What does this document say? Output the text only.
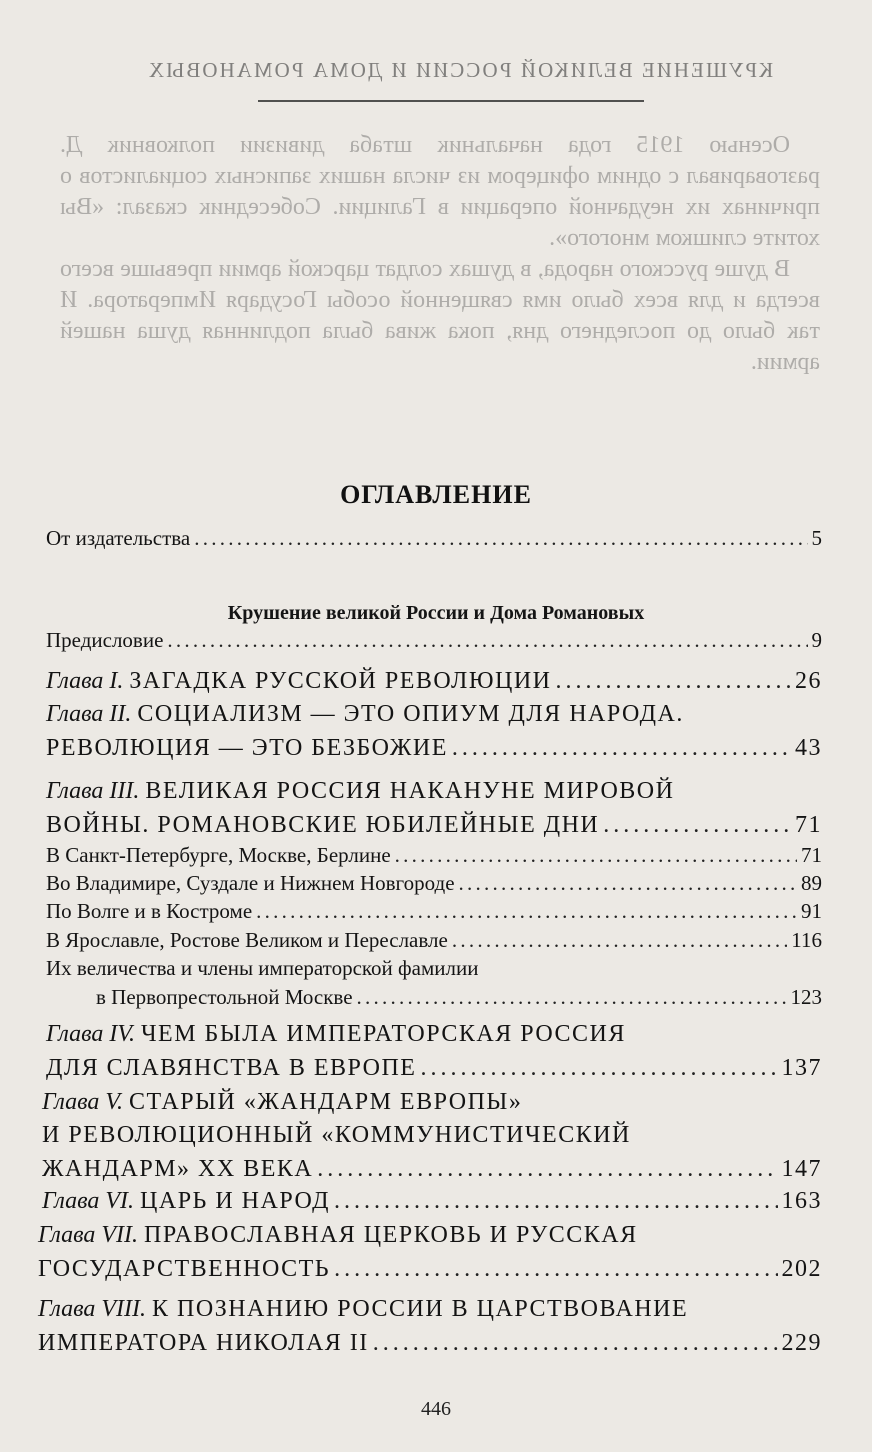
КРУШЕНИЕ ВЕЛИКОЙ РОССИИ И ДОМА РОМАНОВЫХ

Осенью 1915 года начальник штаба дивизии полковник Д. разговаривал с одним офицером из числа наших записных социалистов о причинах их неудачной операции в Галиции. Собеседник сказал: «Вы хотите слишком многого».

В душе русского народа, в душах солдат царской армии превыше всего всегда и для всех было имя священной особы Государя Императора. И так было до последнего дня, пока жива была подлинная душа нашей армии.

ОГЛАВЛЕНИЕ
Крушение великой России и Дома Романовых
От издательства . . .	5
Предисловие . . .	9
Глава I. ЗАГАДКА РУССКОЙ РЕВОЛЮЦИИ . . .	26
Глава II. СОЦИАЛИЗМ — ЭТО ОПИУМ ДЛЯ НАРОДА.
РЕВОЛЮЦИЯ — ЭТО БЕЗБОЖИЕ . . .	43
Глава III. ВЕЛИКАЯ РОССИЯ НАКАНУНЕ МИРОВОЙ
ВОЙНЫ. РОМАНОВСКИЕ ЮБИЛЕЙНЫЕ ДНИ . . .	71
В Санкт-Петербурге, Москве, Берлине . . .	71
Во Владимире, Суздале и Нижнем Новгороде . . .	89
По Волге и в Костроме . . .	91
В Ярославле, Ростове Великом и Переславле . . .	116
Их величества и члены императорской фамилии
в Первопрестольной Москве . . .	123
Глава IV. ЧЕМ БЫЛА ИМПЕРАТОРСКАЯ РОССИЯ
ДЛЯ СЛАВЯНСТВА В ЕВРОПЕ . . .	137
Глава V. СТАРЫЙ «ЖАНДАРМ ЕВРОПЫ»
И РЕВОЛЮЦИОННЫЙ «КОММУНИСТИЧЕСКИЙ
ЖАНДАРМ» XX ВЕКА . . .	147
Глава VI. ЦАРЬ И НАРОД . . .	163
Глава VII. ПРАВОСЛАВНАЯ ЦЕРКОВЬ И РУССКАЯ
ГОСУДАРСТВЕННОСТЬ . . .	202
Глава VIII. К ПОЗНАНИЮ РОССИИ В ЦАРСТВОВАНИЕ
ИМПЕРАТОРА НИКОЛАЯ II . . .	229
446
